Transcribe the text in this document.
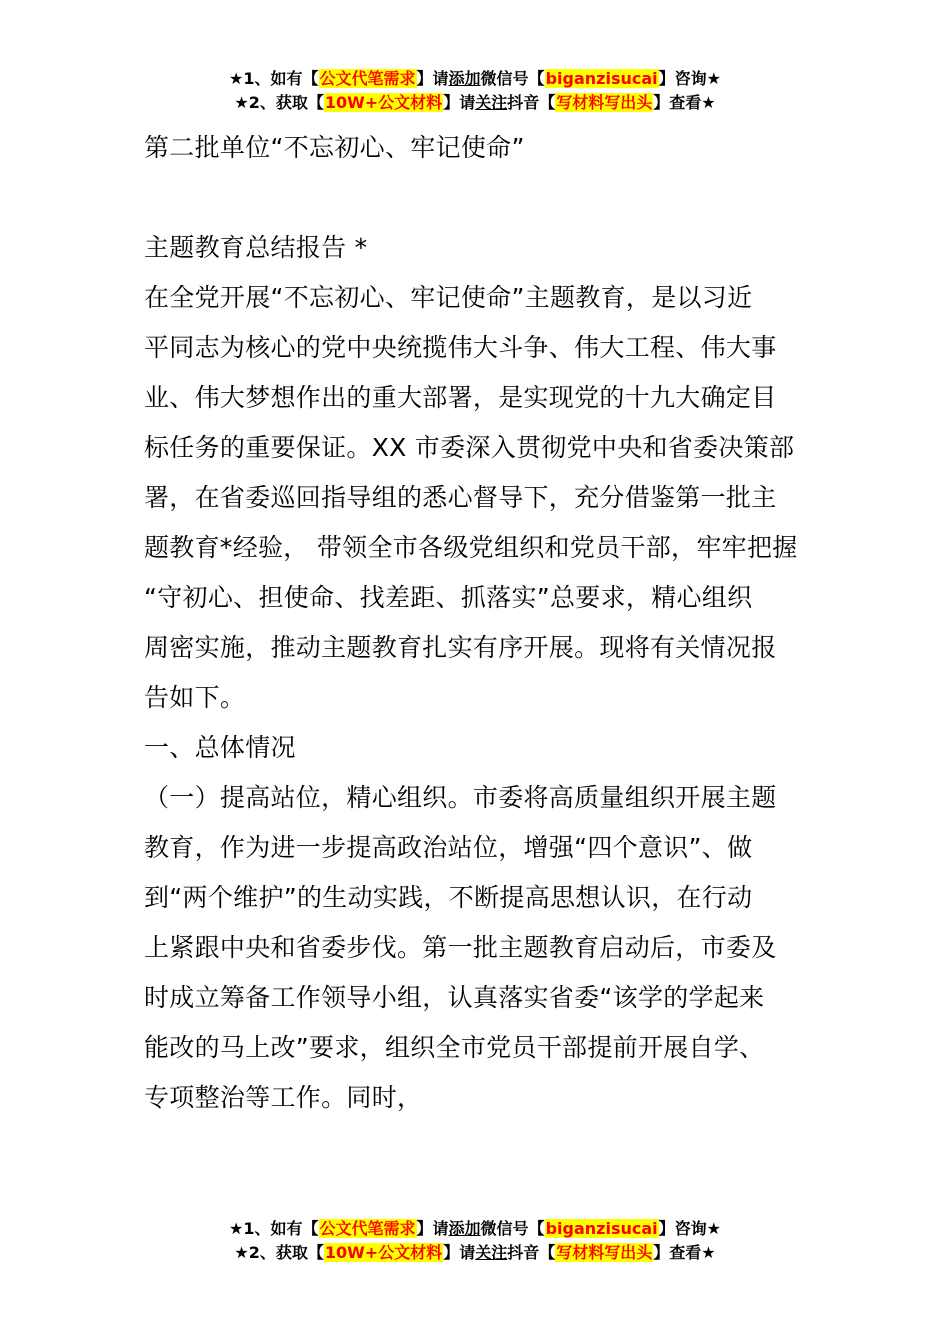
★1、如有【公文代笔需求】请添加微信号【biganzisucai】咨询★
★2、获取【10W+公文材料】请关注抖音【写材料写出头】查看★

第二批单位“不忘初心、牢记使命”

主题教育总结报告 *

在全党开展“不忘初心、牢记使命”主题教育，是以习近

平同志为核心的党中央统揽伟大斗争、伟大工程、伟大事

业、伟大梦想作出的重大部署，是实现党的十九大确定目

标任务的重要保证。XX 市委深入贯彻党中央和省委决策部

署，在省委巡回指导组的悉心督导下，充分借鉴第一批主

题教育*经验， 带领全市各级党组织和党员干部，牢牢把握

“守初心、担使命、找差距、抓落实”总要求，精心组织

周密实施，推动主题教育扎实有序开展。现将有关情况报

告如下。

一、总体情况

（一）提高站位，精心组织。市委将高质量组织开展主题

教育，作为进一步提高政治站位，增强“四个意识”、做

到“两个维护”的生动实践，不断提高思想认识，在行动

上紧跟中央和省委步伐。第一批主题教育启动后，市委及

时成立筹备工作领导小组，认真落实省委“该学的学起来

能改的马上改”要求，组织全市党员干部提前开展自学、

专项整治等工作。同时，

★1、如有【公文代笔需求】请添加微信号【biganzisucai】咨询★
★2、获取【10W+公文材料】请关注抖音【写材料写出头】查看★
